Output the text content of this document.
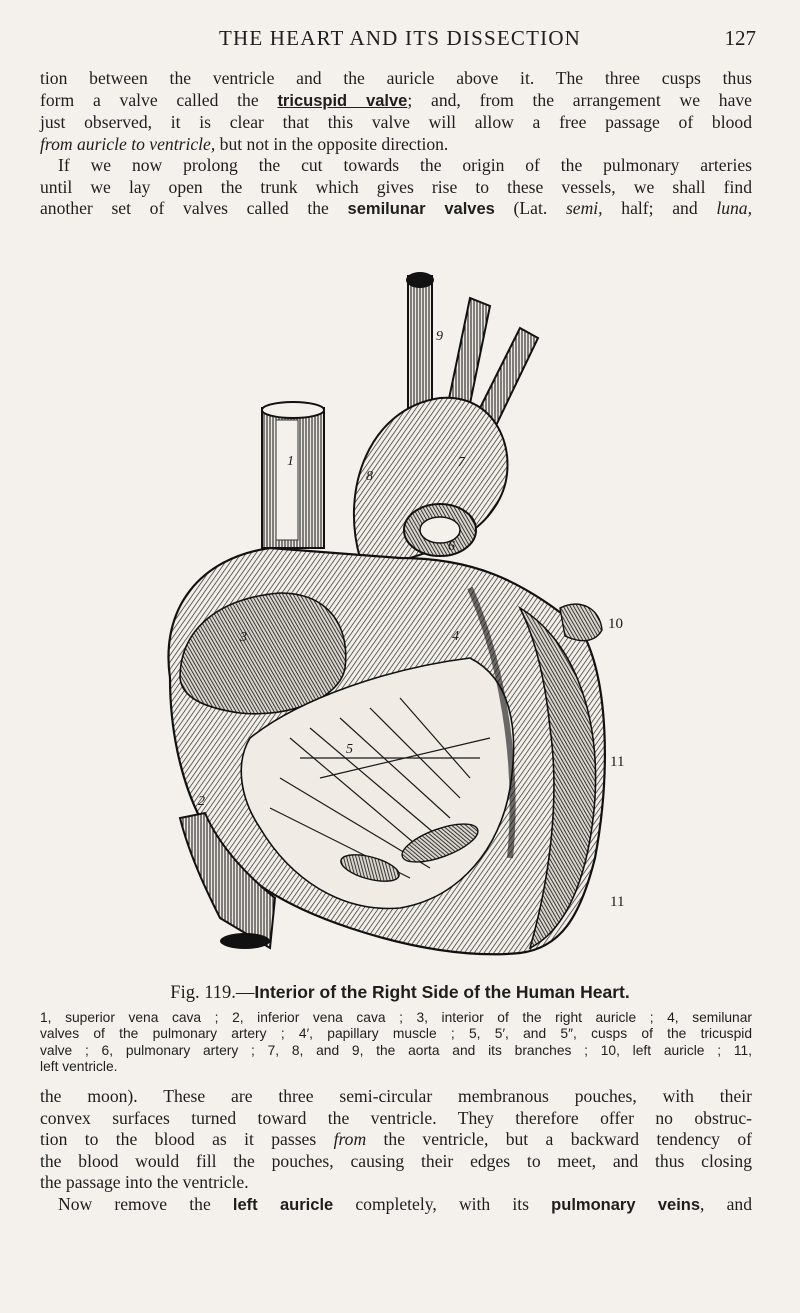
THE HEART AND ITS DISSECTION	127
tion between the ventricle and the auricle above it. The three cusps thus
form a valve called the tricuspid valve; and, from the arrangement we have
just observed, it is clear that this valve will allow a free passage of blood
from auricle to ventricle, but not in the opposite direction.
If we now prolong the cut towards the origin of the pulmonary arteries
until we lay open the trunk which gives rise to these vessels, we shall find
another set of valves called the semilunar valves (Lat. semi, half; and luna,
1
2
3	4
5
6
7
8
9
10
11
11
Fig. 119.—Interior of the Right Side of the Human Heart.
1, superior vena cava ; 2, inferior vena cava ; 3, interior of the right auricle ; 4, semilunar
valves of the pulmonary artery ; 4′, papillary muscle ; 5, 5′, and 5″, cusps of the tricuspid
valve ; 6, pulmonary artery ; 7, 8, and 9, the aorta and its branches ; 10, left auricle ; 11,
left ventricle.
the moon). These are three semi-circular membranous pouches, with their
convex surfaces turned toward the ventricle. They therefore offer no obstruc-
tion to the blood as it passes from the ventricle, but a backward tendency of
the blood would fill the pouches, causing their edges to meet, and thus closing
the passage into the ventricle.
Now remove the left auricle completely, with its pulmonary veins, and
